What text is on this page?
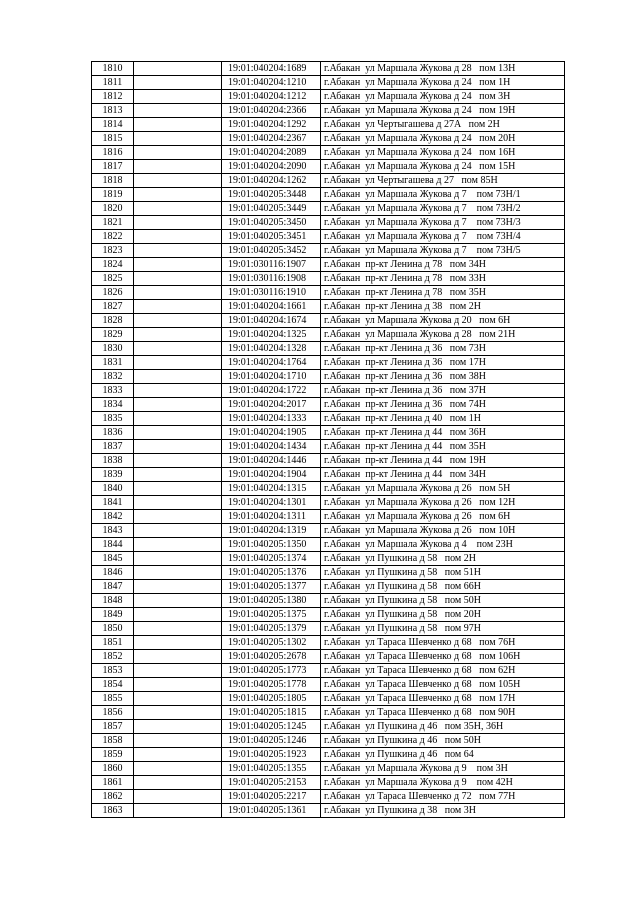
1810		19:01:040204:1689	г.Абакан  ул Маршала Жукова д 28   пом 13Н
1811		19:01:040204:1210	г.Абакан  ул Маршала Жукова д 24   пом 1Н
1812		19:01:040204:1212	г.Абакан  ул Маршала Жукова д 24   пом 3Н
1813		19:01:040204:2366	г.Абакан  ул Маршала Жукова д 24   пом 19Н
1814		19:01:040204:1292	г.Абакан  ул Чертыгашева д 27А   пом 2Н
1815		19:01:040204:2367	г.Абакан  ул Маршала Жукова д 24   пом 20Н
1816		19:01:040204:2089	г.Абакан  ул Маршала Жукова д 24   пом 16Н
1817		19:01:040204:2090	г.Абакан  ул Маршала Жукова д 24   пом 15Н
1818		19:01:040204:1262	г.Абакан  ул Чертыгашева д 27   пом 85Н
1819		19:01:040205:3448	г.Абакан  ул Маршала Жукова д 7    пом 73Н/1
1820		19:01:040205:3449	г.Абакан  ул Маршала Жукова д 7    пом 73Н/2
1821		19:01:040205:3450	г.Абакан  ул Маршала Жукова д 7    пом 73Н/3
1822		19:01:040205:3451	г.Абакан  ул Маршала Жукова д 7    пом 73Н/4
1823		19:01:040205:3452	г.Абакан  ул Маршала Жукова д 7    пом 73Н/5
1824		19:01:030116:1907	г.Абакан  пр-кт Ленина д 78   пом 34Н
1825		19:01:030116:1908	г.Абакан  пр-кт Ленина д 78   пом 33Н
1826		19:01:030116:1910	г.Абакан  пр-кт Ленина д 78   пом 35Н
1827		19:01:040204:1661	г.Абакан  пр-кт Ленина д 38   пом 2Н
1828		19:01:040204:1674	г.Абакан  ул Маршала Жукова д 20   пом 6Н
1829		19:01:040204:1325	г.Абакан  ул Маршала Жукова д 28   пом 21Н
1830		19:01:040204:1328	г.Абакан  пр-кт Ленина д 36   пом 73Н
1831		19:01:040204:1764	г.Абакан  пр-кт Ленина д 36   пом 17Н
1832		19:01:040204:1710	г.Абакан  пр-кт Ленина д 36   пом 38Н
1833		19:01:040204:1722	г.Абакан  пр-кт Ленина д 36   пом 37Н
1834		19:01:040204:2017	г.Абакан  пр-кт Ленина д 36   пом 74Н
1835		19:01:040204:1333	г.Абакан  пр-кт Ленина д 40   пом 1Н
1836		19:01:040204:1905	г.Абакан  пр-кт Ленина д 44   пом 36Н
1837		19:01:040204:1434	г.Абакан  пр-кт Ленина д 44   пом 35Н
1838		19:01:040204:1446	г.Абакан  пр-кт Ленина д 44   пом 19Н
1839		19:01:040204:1904	г.Абакан  пр-кт Ленина д 44   пом 34Н
1840		19:01:040204:1315	г.Абакан  ул Маршала Жукова д 26   пом 5Н
1841		19:01:040204:1301	г.Абакан  ул Маршала Жукова д 26   пом 12Н
1842		19:01:040204:1311	г.Абакан  ул Маршала Жукова д 26   пом 6Н
1843		19:01:040204:1319	г.Абакан  ул Маршала Жукова д 26   пом 10Н
1844		19:01:040205:1350	г.Абакан  ул Маршала Жукова д 4    пом 23Н
1845		19:01:040205:1374	г.Абакан  ул Пушкина д 58   пом 2Н
1846		19:01:040205:1376	г.Абакан  ул Пушкина д 58   пом 51Н
1847		19:01:040205:1377	г.Абакан  ул Пушкина д 58   пом 66Н
1848		19:01:040205:1380	г.Абакан  ул Пушкина д 58   пом 50Н
1849		19:01:040205:1375	г.Абакан  ул Пушкина д 58   пом 20Н
1850		19:01:040205:1379	г.Абакан  ул Пушкина д 58   пом 97Н
1851		19:01:040205:1302	г.Абакан  ул Тараса Шевченко д 68   пом 76Н
1852		19:01:040205:2678	г.Абакан  ул Тараса Шевченко д 68   пом 106Н
1853		19:01:040205:1773	г.Абакан  ул Тараса Шевченко д 68   пом 62Н
1854		19:01:040205:1778	г.Абакан  ул Тараса Шевченко д 68   пом 105Н
1855		19:01:040205:1805	г.Абакан  ул Тараса Шевченко д 68   пом 17Н
1856		19:01:040205:1815	г.Абакан  ул Тараса Шевченко д 68   пом 90Н
1857		19:01:040205:1245	г.Абакан  ул Пушкина д 46   пом 35Н, 36Н
1858		19:01:040205:1246	г.Абакан  ул Пушкина д 46   пом 50Н
1859		19:01:040205:1923	г.Абакан  ул Пушкина д 46   пом 64
1860		19:01:040205:1355	г.Абакан  ул Маршала Жукова д 9    пом 3Н
1861		19:01:040205:2153	г.Абакан  ул Маршала Жукова д 9    пом 42Н
1862		19:01:040205:2217	г.Абакан  ул Тараса Шевченко д 72   пом 77Н
1863		19:01:040205:1361	г.Абакан  ул Пушкина д 38   пом 3Н
